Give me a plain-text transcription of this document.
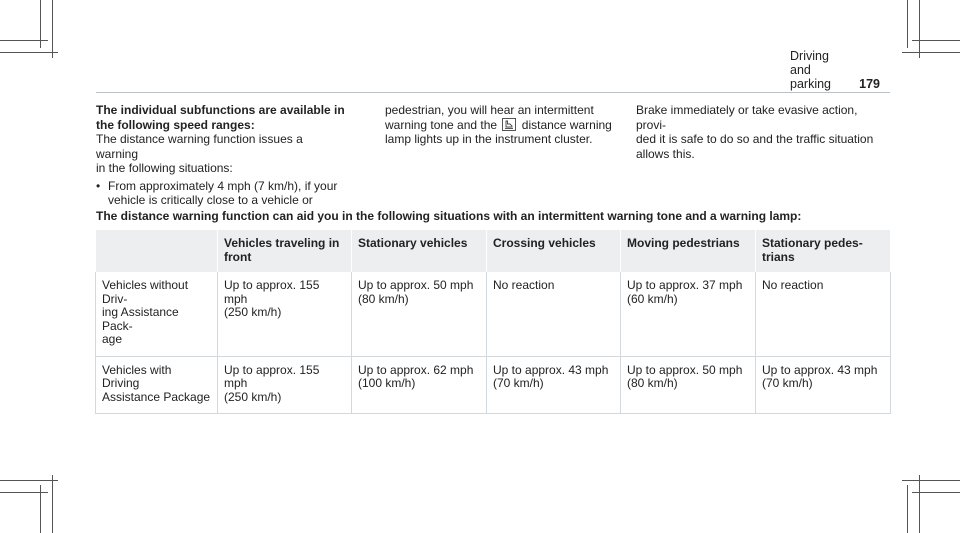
Driving and parking	179

The individual subfunctions are available in
the following speed ranges:

The distance warning function issues a warning
in the following situations:

• From approximately 4 mph (7 km/h), if your
vehicle is critically close to a vehicle or

pedestrian, you will hear an intermittent
warning tone and the distance warning
lamp lights up in the instrument cluster.

Brake immediately or take evasive action, provi-
ded it is safe to do so and the traffic situation
allows this.

The distance warning function can aid you in the following situations with an intermittent warning tone and a warning lamp:
	Vehicles traveling in
front	Stationary vehicles	Crossing vehicles	Moving pedestrians	Stationary pedes-
trians
Vehicles without Driv-
ing Assistance Pack-
age	Up to approx. 155 mph
(250 km/h)	Up to approx. 50 mph
(80 km/h)	No reaction	Up to approx. 37 mph
(60 km/h)	No reaction
Vehicles with Driving
Assistance Package	Up to approx. 155 mph
(250 km/h)	Up to approx. 62 mph
(100 km/h)	Up to approx. 43 mph
(70 km/h)	Up to approx. 50 mph
(80 km/h)	Up to approx. 43 mph
(70 km/h)
